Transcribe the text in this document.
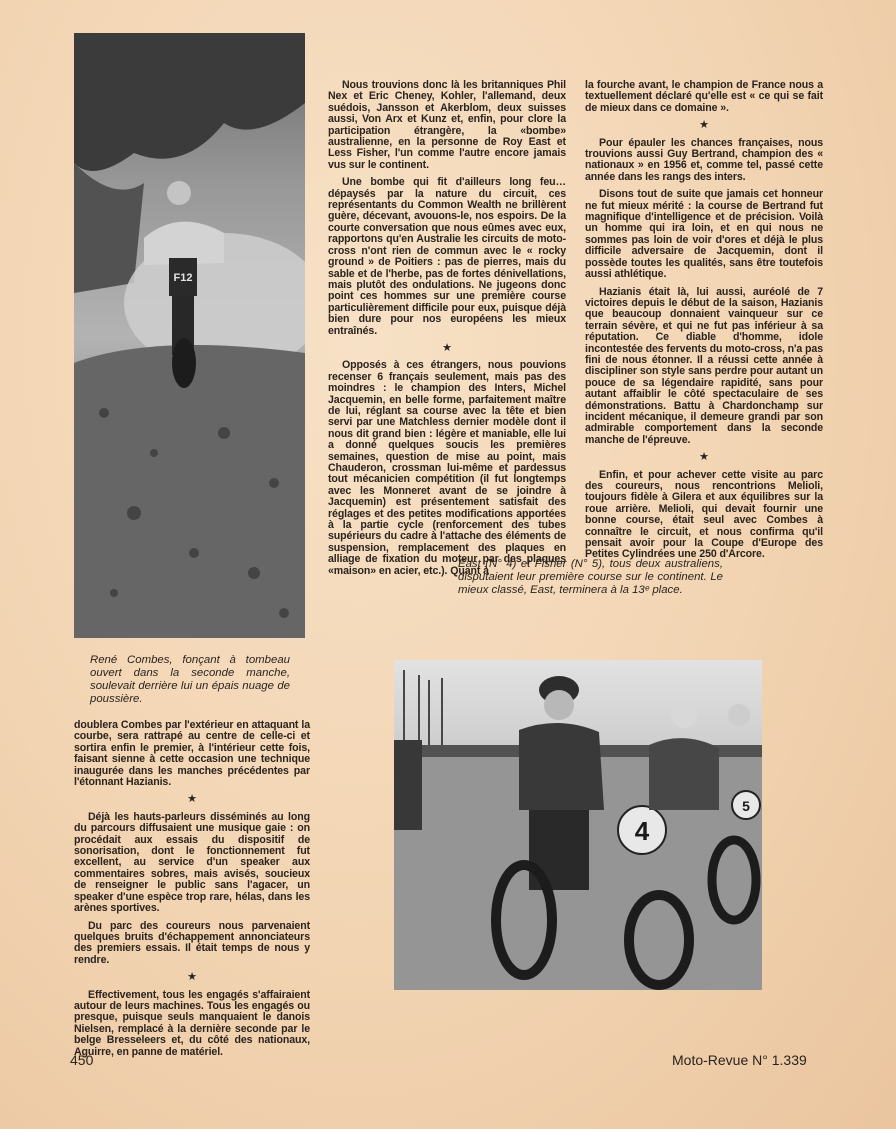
F12

Nous trouvions donc là les britanniques Phil Nex et Eric Cheney, Kohler, l'allemand, deux suédois, Jansson et Akerblom, deux suisses aussi, Von Arx et Kunz et, enfin, pour clore la participation étrangère, la «bombe» australienne, en la personne de Roy East et Less Fisher, l'un comme l'autre encore jamais vus sur le continent.

Une bombe qui fit d'ailleurs long feu… dépaysés par la nature du circuit, ces représentants du Common Wealth ne brillèrent guère, décevant, avouons-le, nos espoirs. De la courte conversation que nous eûmes avec eux, rapportons qu'en Australie les circuits de moto-cross n'ont rien de commun avec le « rocky ground » de Poitiers : pas de pierres, mais du sable et de l'herbe, pas de fortes dénivellations, mais plutôt des ondulations. Ne jugeons donc point ces hommes sur une première course particulièrement difficile pour eux, puisque déjà bien dure pour nos européens les mieux entraînés.

★

Opposés à ces étrangers, nous pouvions recenser 6 français seulement, mais pas des moindres : le champion des Inters, Michel Jacquemin, en belle forme, parfaitement maître de lui, réglant sa course avec la tête et bien servi par une Matchless dernier modèle dont il nous dit grand bien : légère et maniable, elle lui a donné quelques soucis les premières semaines, question de mise au point, mais Chauderon, crossman lui-même et pardessus tout mécanicien compétition (il fut longtemps avec les Monneret avant de se joindre à Jacquemin) est présentement satisfait des réglages et des petites modifications apportées à la partie cycle (renforcement des tubes supérieurs du cadre à l'attache des éléments de suspension, remplacement des plaques en alliage de fixation du moteur par des plaques «maison» en acier, etc.). Quant à

la fourche avant, le champion de France nous a textuellement déclaré qu'elle est « ce qui se fait de mieux dans ce domaine ».

★

Pour épauler les chances françaises, nous trouvions aussi Guy Bertrand, champion des « nationaux » en 1956 et, comme tel, passé cette année dans les rangs des inters.

Disons tout de suite que jamais cet honneur ne fut mieux mérité : la course de Bertrand fut magnifique d'intelligence et de précision. Voilà un homme qui ira loin, et en qui nous ne sommes pas loin de voir d'ores et déjà le plus difficile adversaire de Jacquemin, dont il possède toutes les qualités, sans être toutefois aussi athlétique.

Hazianis était là, lui aussi, auréolé de 7 victoires depuis le début de la saison, Hazianis que beaucoup donnaient vainqueur sur ce terrain sévère, et qui ne fut pas inférieur à sa réputation. Ce diable d'homme, idole incontestée des fervents du moto-cross, n'a pas fini de nous étonner. Il a réussi cette année à discipliner son style sans perdre pour autant un pouce de sa légendaire rapidité, sans pour autant affaiblir le côté spectaculaire de ses démonstrations. Battu à Chardonchamp sur incident mécanique, il demeure grandi par son admirable comportement dans la seconde manche de l'épreuve.

★

Enfin, et pour achever cette visite au parc des coureurs, nous rencontrions Melioli, toujours fidèle à Gilera et aux équilibres sur la roue arrière. Melioli, qui devait fournir une bonne course, était seul avec Combes à connaître le circuit, et nous confirma qu'il pensait avoir pour la Coupe d'Europe des Petites Cylindrées une 250 d'Arcore.

East (N° 4) et Fisher (N° 5), tous deux australiens, disputaient leur première course sur le continent. Le mieux classé, East, terminera à la 13ᵉ place.
René Combes, fonçant à tombeau ouvert dans la seconde manche, soulevait derrière lui un épais nuage de poussière.

doublera Combes par l'extérieur en attaquant la courbe, sera rattrapé au centre de celle-ci et sortira enfin le premier, à l'intérieur cette fois, faisant sienne à cette occasion une technique inaugurée dans les manches précédentes par l'étonnant Hazianis.

★

Déjà les hauts-parleurs disséminés au long du parcours diffusaient une musique gaie : on procédait aux essais du dispositif de sonorisation, dont le fonctionnement fut excellent, au service d'un speaker aux commentaires sobres, mais avisés, soucieux de renseigner le public sans l'agacer, un speaker d'une espèce trop rare, hélas, dans les arènes sportives.

Du parc des coureurs nous parvenaient quelques bruits d'échappement annonciateurs des premiers essais. Il était temps de nous y rendre.

★

Effectivement, tous les engagés s'affairaient autour de leurs machines. Tous les engagés ou presque, puisque seuls manquaient le danois Nielsen, remplacé à la dernière seconde par le belge Bresseleers et, du côté des nationaux, Aguirre, en panne de matériel.

4
5
450	Moto-Revue N° 1.339
